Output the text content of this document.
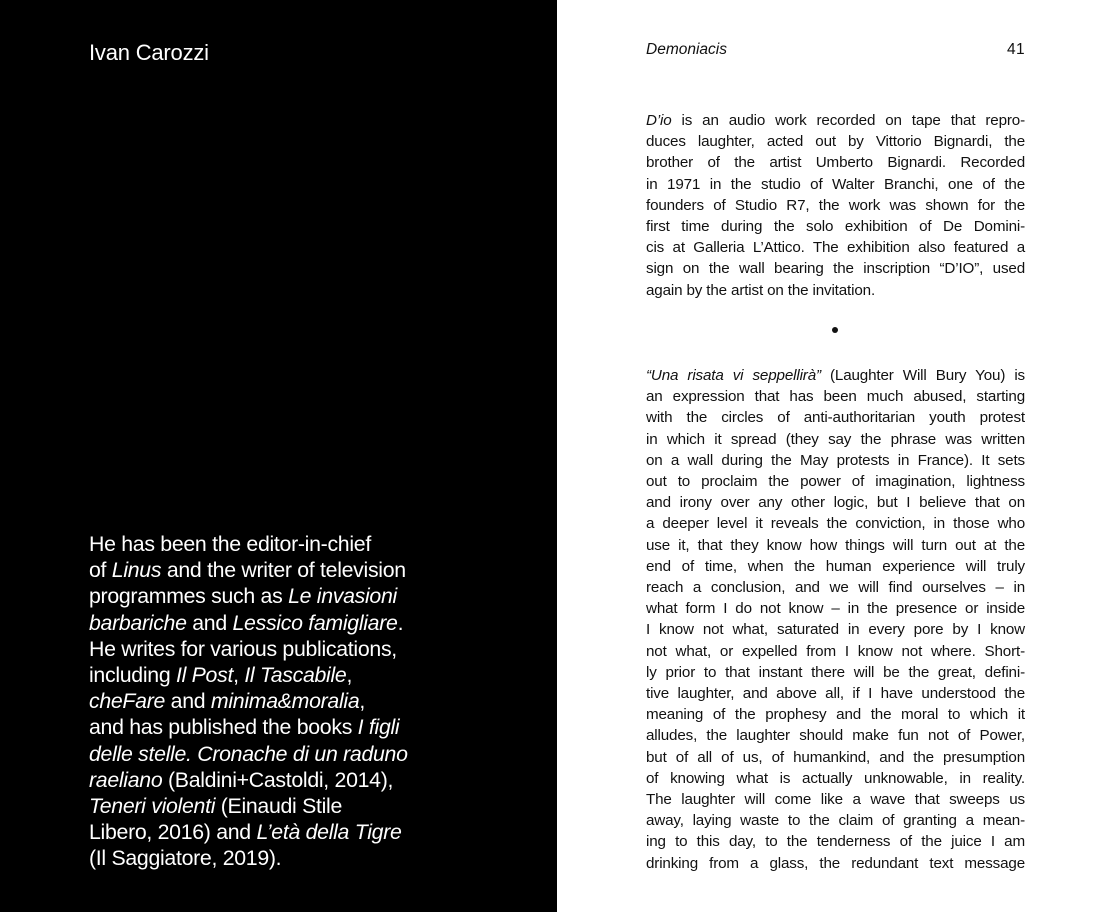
Ivan Carozzi

He has been the editor-in-chief
of Linus and the writer of television
programmes such as Le invasioni
barbariche and Lessico famigliare.
He writes for various publications,
including Il Post, Il Tascabile,
cheFare and minima&moralia,
and has published the books I figli
delle stelle. Cronache di un raduno
raeliano (Baldini+Castoldi, 2014),
Teneri violenti (Einaudi Stile
Libero, 2016) and L’età della Tigre
(Il Saggiatore, 2019).

Demoniacis	41

D’io is an audio work recorded on tape that repro-
duces laughter, acted out by Vittorio Bignardi, the
brother of the artist Umberto Bignardi. Recorded
in 1971 in the studio of Walter Branchi, one of the
founders of Studio R7, the work was shown for the
first time during the solo exhibition of De Domini-
cis at Galleria L’Attico. The exhibition also featured a
sign on the wall bearing the inscription “D’IO”, used
again by the artist on the invitation.

“Una risata vi seppellirà” (Laughter Will Bury You) is
an expression that has been much abused, starting
with the circles of anti-authoritarian youth protest
in which it spread (they say the phrase was written
on a wall during the May protests in France). It sets
out to proclaim the power of imagination, lightness
and irony over any other logic, but I believe that on
a deeper level it reveals the conviction, in those who
use it, that they know how things will turn out at the
end of time, when the human experience will truly
reach a conclusion, and we will find ourselves – in
what form I do not know – in the presence or inside
I know not what, saturated in every pore by I know
not what, or expelled from I know not where. Short-
ly prior to that instant there will be the great, defini-
tive laughter, and above all, if I have understood the
meaning of the prophesy and the moral to which it
alludes, the laughter should make fun not of Power,
but of all of us, of humankind, and the presumption
of knowing what is actually unknowable, in reality.
The laughter will come like a wave that sweeps us
away, laying waste to the claim of granting a mean-
ing to this day, to the tenderness of the juice I am
drinking from a glass, the redundant text message
